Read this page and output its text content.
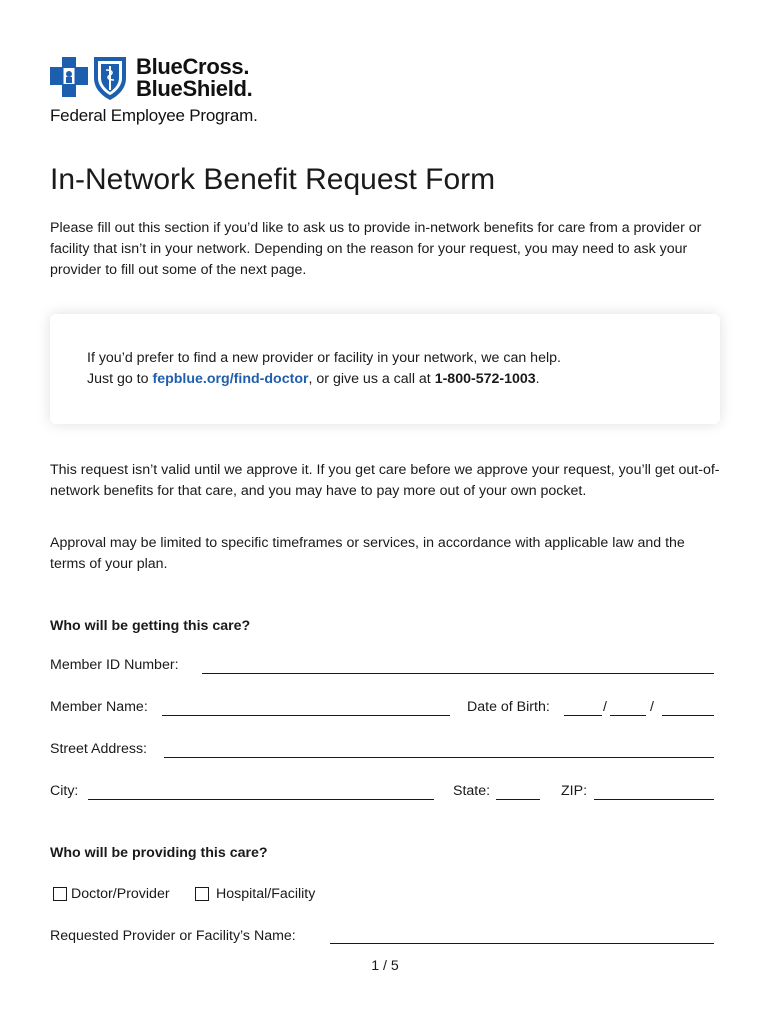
BlueCross.
BlueShield.
Federal Employee Program.
In-Network Benefit Request Form
Please fill out this section if you’d like to ask us to provide in-network benefits for care from a provider or facility that isn’t in your network. Depending on the reason for your request, you may need to ask your provider to fill out some of the next page.
If you’d prefer to find a new provider or facility in your network, we can help.
Just go to fepblue.org/find-doctor, or give us a call at 1-800-572-1003.
This request isn’t valid until we approve it. If you get care before we approve your request, you’ll get out-of-network benefits for that care, and you may have to pay more out of your own pocket.
Approval may be limited to specific timeframes or services, in accordance with applicable law and the terms of your plan.
Who will be getting this care?
Member ID Number:
Member Name:	Date of Birth:	/	/
Street Address:
City:	State:	ZIP:
Who will be providing this care?
Doctor/Provider	Hospital/Facility
Requested Provider or Facility’s Name:
1 / 5
